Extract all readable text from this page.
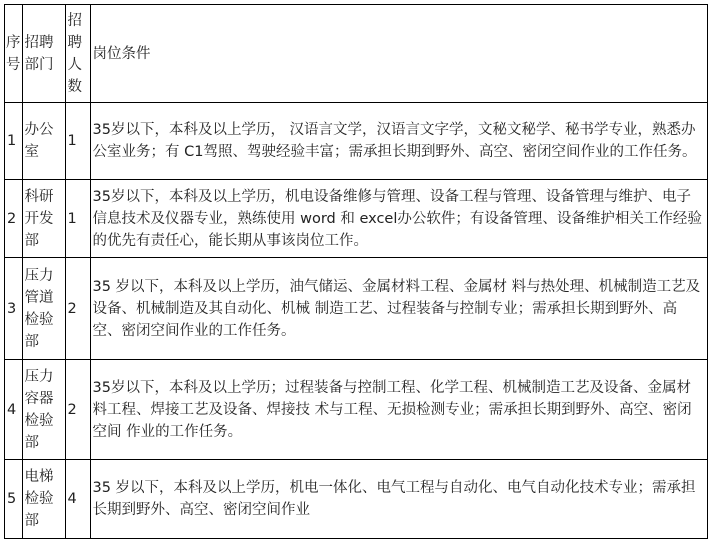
序号	招聘部门	招聘人数	岗位条件
1	办公室	1	35岁以下，本科及以上学历， 汉语言文学，汉语言文字学，文秘文秘学、秘书学专业，熟悉办公室业务；有 C1驾照、驾驶经验丰富；需承担长期到野外、高空、密闭空间作业的工作任务。
2	科研开发部	1	35岁以下，本科及以上学历，机电设备维修与管理、设备工程与管理、设备管理与维护、电子信息技术及仪器专业，熟练使用 word 和 excel办公软件；有设备管理、设备维护相关工作经验的优先有责任心，能长期从事该岗位工作。
3	压力管道检验部	2	35 岁以下，本科及以上学历，油气储运、金属材料工程、金属材 料与热处理、机械制造工艺及设备、机械制造及其自动化、机械 制造工艺、过程装备与控制专业；需承担长期到野外、高空、密闭空间作业的工作任务。
4	压力容器检验部	2	35岁以下，本科及以上学历；过程装备与控制工程、化学工程、机械制造工艺及设备、金属材料工程、焊接工艺及设备、焊接技 术与工程、无损检测专业；需承担长期到野外、高空、密闭空间 作业的工作任务。
5	电梯检验部	4	35 岁以下，本科及以上学历，机电一体化、电气工程与自动化、电气自动化技术专业；需承担长期到野外、高空、密闭空间作业
